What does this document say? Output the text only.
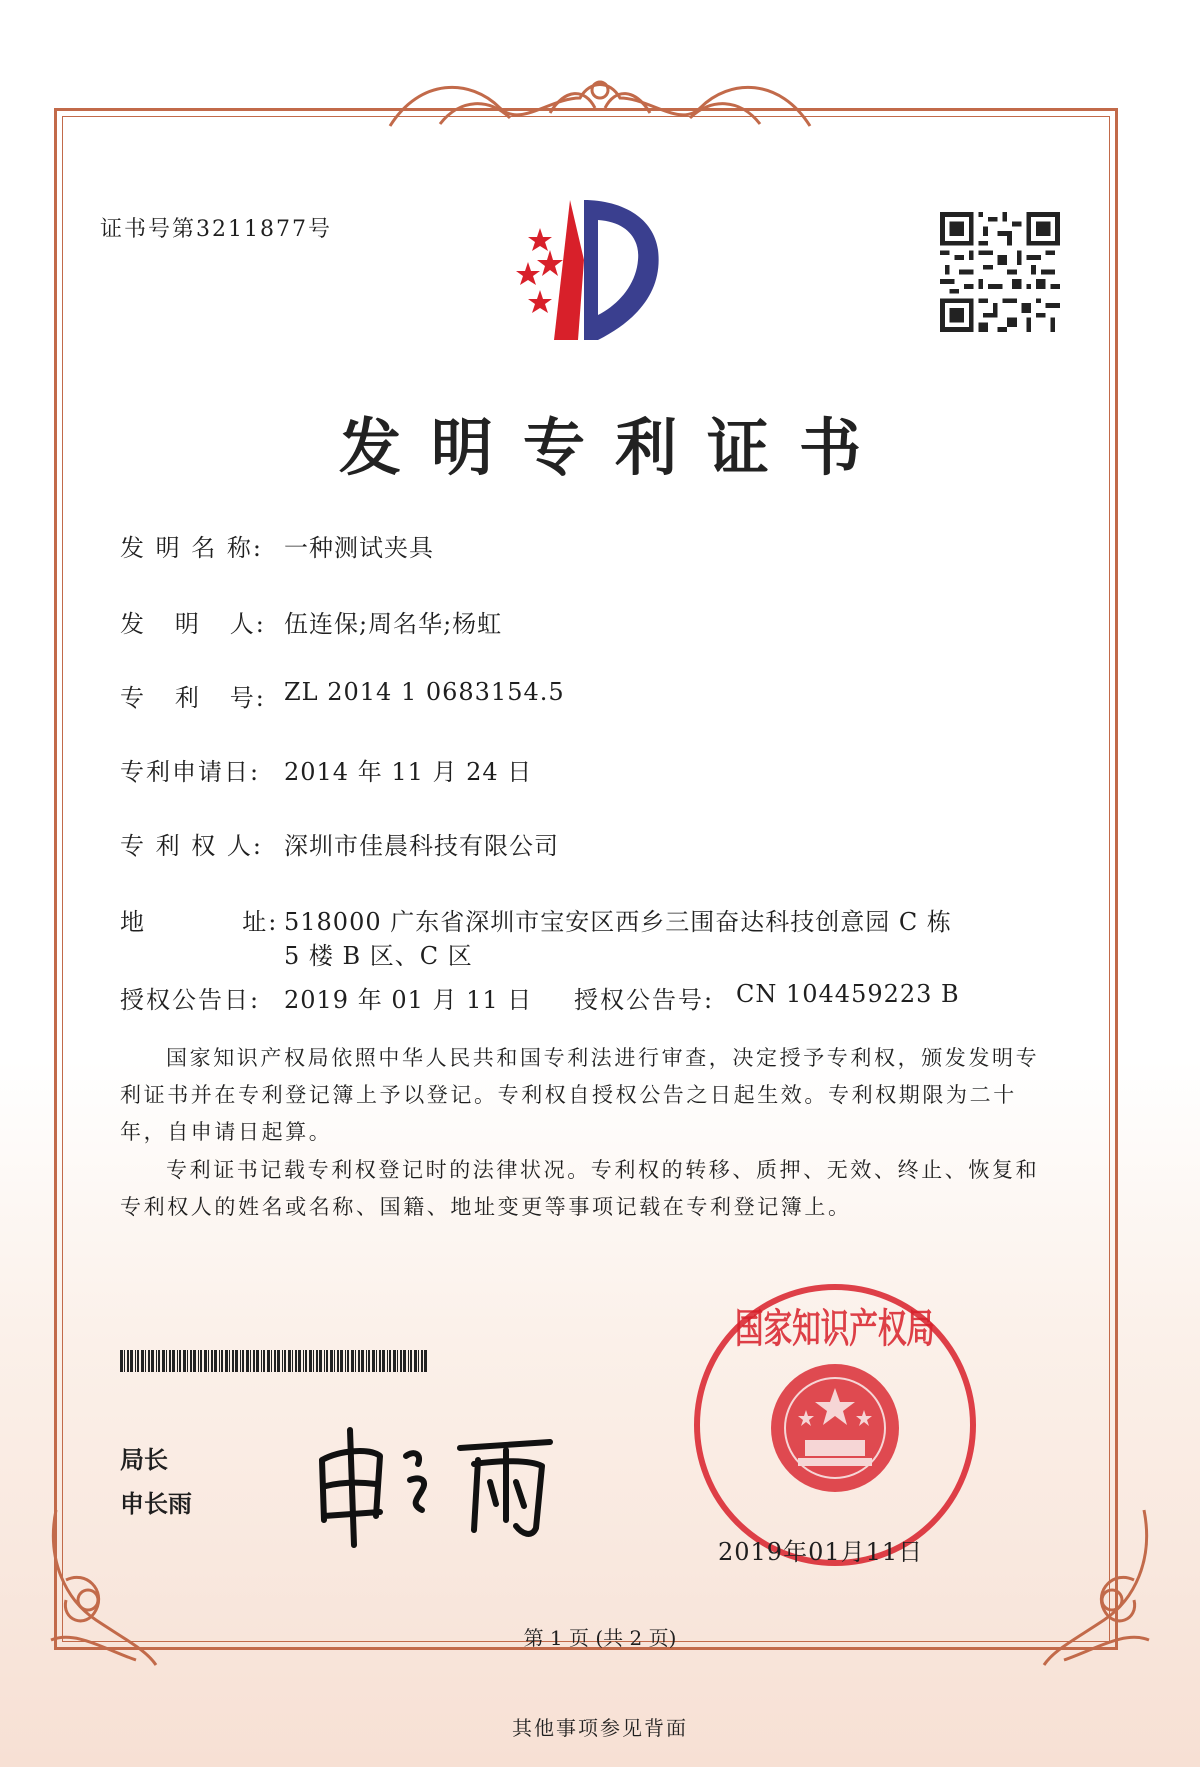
证书号第3211877号
发明专利证书
发 明 名 称: 一种测试夹具
发   明   人: 伍连保;周名华;杨虹
专   利   号: ZL 2014 1 0683154.5
专利申请日: 2014 年 11 月 24 日
专 利 权 人: 深圳市佳晨科技有限公司
地          址: 518000 广东省深圳市宝安区西乡三围奋达科技创意园 C 栋
5 楼 B 区、C 区
授权公告日: 2019 年 01 月 11 日 授权公告号: CN 104459223 B
国家知识产权局依照中华人民共和国专利法进行审查，决定授予专利权，颁发发明专利证书并在专利登记簿上予以登记。专利权自授权公告之日起生效。专利权期限为二十年，自申请日起算。
专利证书记载专利权登记时的法律状况。专利权的转移、质押、无效、终止、恢复和专利权人的姓名或名称、国籍、地址变更等事项记载在专利登记簿上。
局长
申长雨
国家知识产权局
2019年01月11日
第 1 页 (共 2 页)
其他事项参见背面
